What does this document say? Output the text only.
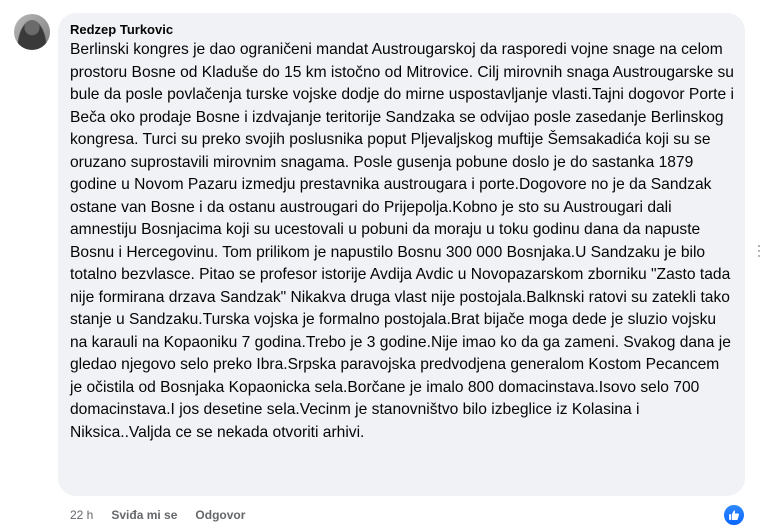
Redzep Turkovic

Berlinski kongres je dao ograničeni mandat Austrougarskoj da rasporedi vojne snage na celom prostoru Bosne od Kladuše do 15 km istočno od Mitrovice. Cilj mirovnih snaga Austrougarske su bule da posle povlačenja turske vojske dodje do mirne uspostavljanje vlasti.Tajni dogovor Porte i Beča oko prodaje Bosne i izdvajanje teritorije Sandzaka se odvijao posle zasedanje Berlinskog kongresa. Turci su preko svojih poslusnika poput Pljevaljskog muftije Šemsakadića koji su se oruzano suprostavili mirovnim snagama. Posle gusenja pobune doslo je do sastanka 1879 godine u Novom Pazaru izmedju prestavnika austrougara i porte.Dogovore no je da Sandzak ostane van Bosne i da ostanu austrougari do Prijepolja.Kobno je sto su Austrougari dali amnestiju Bosnjacima koji su ucestovali u pobuni da moraju u toku godinu dana da napuste Bosnu i Hercegovinu. Tom prilikom je napustilo Bosnu 300 000 Bosnjaka.U Sandzaku je bilo totalno bezvlasce. Pitao se profesor istorije Avdija Avdic u Novopazarskom zborniku "Zasto tada nije formirana drzava Sandzak" Nikakva druga vlast nije postojala.Balknski ratovi su zatekli tako stanje u Sandzaku.Turska vojska je formalno postojala.Brat bijače moga dede je sluzio vojsku na karauli na Kopaoniku 7 godina.Trebo je 3 godine.Nije imao ko da ga zameni. Svakog dana je gledao njegovo selo preko Ibra.Srpska paravojska predvodjena generalom Kostom Pecancem je očistila od Bosnjaka Kopaonicka sela.Borčane je imalo 800 domacinstava.Isovo selo 700 domacinstava.I jos desetine sela.Vecinm je stanovništvo bilo izbeglice iz Kolasina i Niksica..Valjda ce se nekada otvoriti arhivi.

22 h Sviđa mi se Odgovor
